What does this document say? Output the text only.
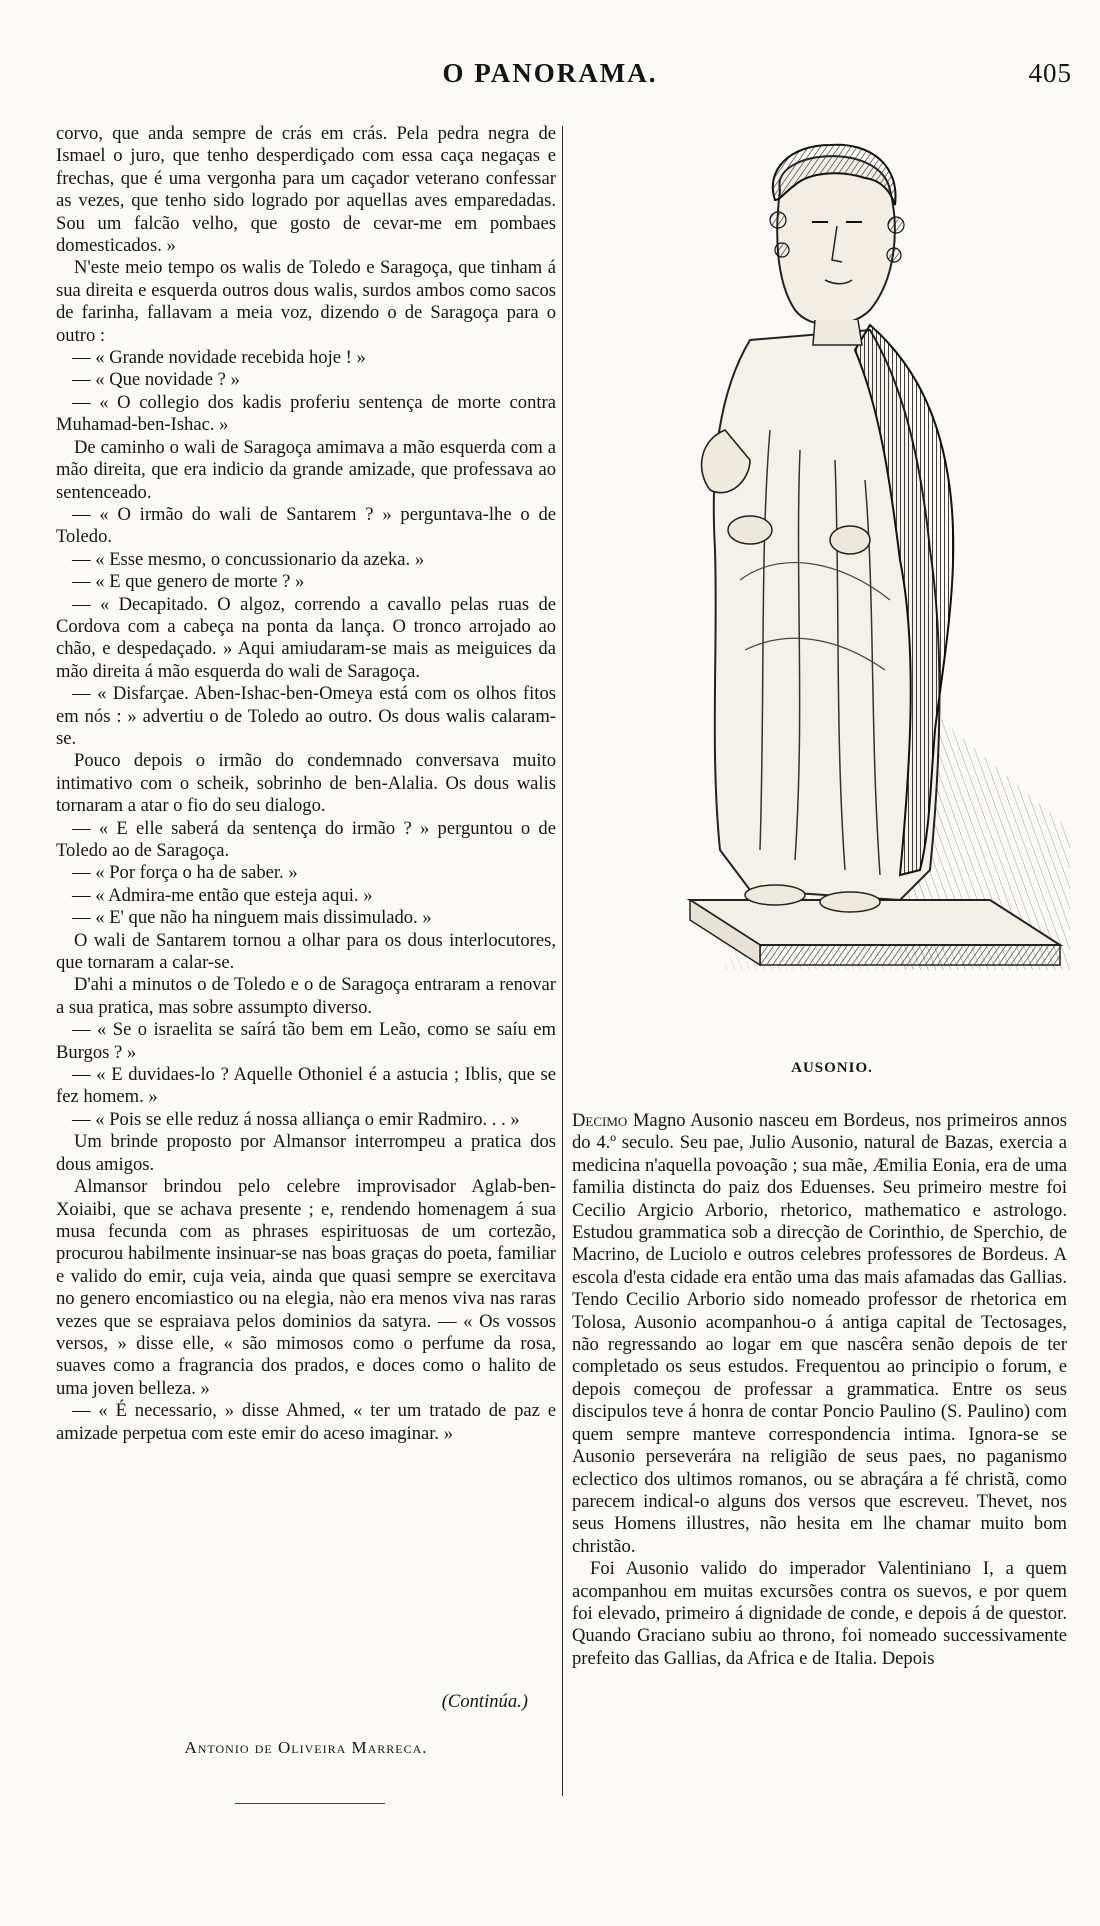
O PANORAMA.	405

corvo, que anda sempre de crás em crás. Pela pedra negra de Ismael o juro, que tenho desperdiçado com essa caça negaças e frechas, que é uma vergonha para um caçador veterano confessar as vezes, que tenho sido logrado por aquellas aves emparedadas. Sou um falcão velho, que gosto de cevar-me em pombaes domesticados. »

N'este meio tempo os walis de Toledo e Saragoça, que tinham á sua direita e esquerda outros dous walis, surdos ambos como sacos de farinha, fallavam a meia voz, dizendo o de Saragoça para o outro :

— « Grande novidade recebida hoje ! »

— « Que novidade ? »

— « O collegio dos kadis proferiu sentença de morte contra Muhamad-ben-Ishac. »

De caminho o wali de Saragoça amimava a mão esquerda com a mão direita, que era indicio da grande amizade, que professava ao sentenceado.

— « O irmão do wali de Santarem ? » perguntava-lhe o de Toledo.

— « Esse mesmo, o concussionario da azeka. »

— « E que genero de morte ? »

— « Decapitado. O algoz, correndo a cavallo pelas ruas de Cordova com a cabeça na ponta da lança. O tronco arrojado ao chão, e despedaçado. » Aqui amiudaram-se mais as meiguices da mão direita á mão esquerda do wali de Saragoça.

— « Disfarçae. Aben-Ishac-ben-Omeya está com os olhos fitos em nós : » advertiu o de Toledo ao outro. Os dous walis calaram-se.

Pouco depois o irmão do condemnado conversava muito intimativo com o scheik, sobrinho de ben-Alalia. Os dous walis tornaram a atar o fio do seu dialogo.

— « E elle saberá da sentença do irmão ? » perguntou o de Toledo ao de Saragoça.

— « Por força o ha de saber. »

— « Admira-me então que esteja aqui. »

— « E' que não ha ninguem mais dissimulado. »

O wali de Santarem tornou a olhar para os dous interlocutores, que tornaram a calar-se.

D'ahi a minutos o de Toledo e o de Saragoça entraram a renovar a sua pratica, mas sobre assumpto diverso.

— « Se o israelita se saírá tão bem em Leão, como se saíu em Burgos ? »

— « E duvidaes-lo ? Aquelle Othoniel é a astucia ; Iblis, que se fez homem. »

— « Pois se elle reduz á nossa alliança o emir Radmiro. . . »

Um brinde proposto por Almansor interrompeu a pratica dos dous amigos.

Almansor brindou pelo celebre improvisador Aglab-ben-Xoiaibi, que se achava presente ; e, rendendo homenagem á sua musa fecunda com as phrases espirituosas de um cortezão, procurou habilmente insinuar-se nas boas graças do poeta, familiar e valido do emir, cuja veia, ainda que quasi sempre se exercitava no genero encomiastico ou na elegia, nào era menos viva nas raras vezes que se espraiava pelos dominios da satyra. — « Os vossos versos, » disse elle, « são mimosos como o perfume da rosa, suaves como a fragrancia dos prados, e doces como o halito de uma joven belleza. »

— « É necessario, » disse Ahmed, « ter um tratado de paz e amizade perpetua com este emir do aceso imaginar. »

(Continúa.)
Antonio de Oliveira Marreca.
AUSONIO.

Decimo Magno Ausonio nasceu em Bordeus, nos primeiros annos do 4.º seculo. Seu pae, Julio Ausonio, natural de Bazas, exercia a medicina n'aquella povoação ; sua mãe, Æmilia Eonia, era de uma familia distincta do paiz dos Eduenses. Seu primeiro mestre foi Cecilio Argicio Arborio, rhetorico, mathematico e astrologo. Estudou grammatica sob a direcção de Corinthio, de Sperchio, de Macrino, de Luciolo e outros celebres professores de Bordeus. A escola d'esta cidade era então uma das mais afamadas das Gallias. Tendo Cecilio Arborio sido nomeado professor de rhetorica em Tolosa, Ausonio acompanhou-o á antiga capital de Tectosages, não regressando ao logar em que nascêra senão depois de ter completado os seus estudos. Frequentou ao principio o forum, e depois começou de professar a grammatica. Entre os seus discipulos teve á honra de contar Poncio Paulino (S. Paulino) com quem sempre manteve correspondencia intima. Ignora-se se Ausonio perseverára na religião de seus paes, no paganismo eclectico dos ultimos romanos, ou se abraçára a fé christã, como parecem indical-o alguns dos versos que escreveu. Thevet, nos seus Homens illustres, não hesita em lhe chamar muito bom christão.

Foi Ausonio valido do imperador Valentiniano I, a quem acompanhou em muitas excursões contra os suevos, e por quem foi elevado, primeiro á dignidade de conde, e depois á de questor. Quando Graciano subiu ao throno, foi nomeado successivamente prefeito das Gallias, da Africa e de Italia. Depois
